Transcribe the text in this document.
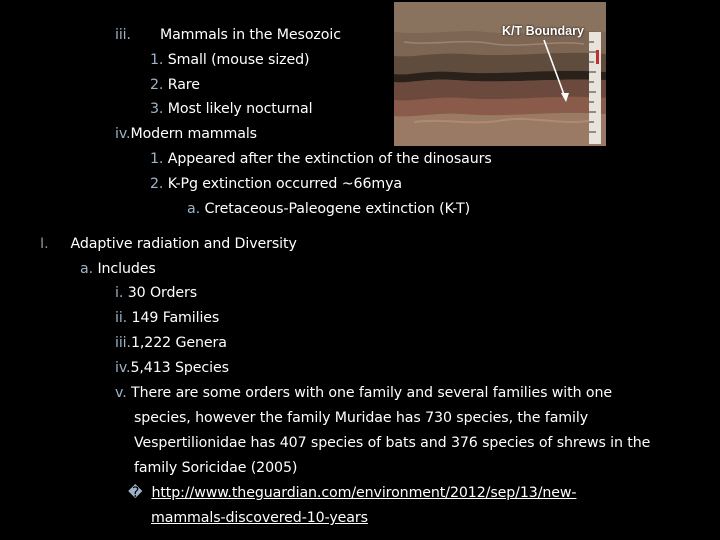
K/T Boundary
iii. Mammals in the Mesozoic
1. Small (mouse sized)
2. Rare
3. Most likely nocturnal
iv.Modern mammals
1. Appeared after the extinction of the dinosaurs
2. K-Pg extinction occurred ~66mya
a. Cretaceous-Paleogene extinction (K-T)
I. Adaptive radiation and Diversity
a. Includes
i. 30 Orders
ii. 149 Families
iii.1,222 Genera
iv.5,413 Species
v. There are some orders with one family and several families with one
species, however the family Muridae has 730 species, the family
Vespertilionidae has 407 species of bats and 376 species of shrews in the
family Soricidae (2005)
� http://www.theguardian.com/environment/2012/sep/13/new-
mammals-discovered-10-years
